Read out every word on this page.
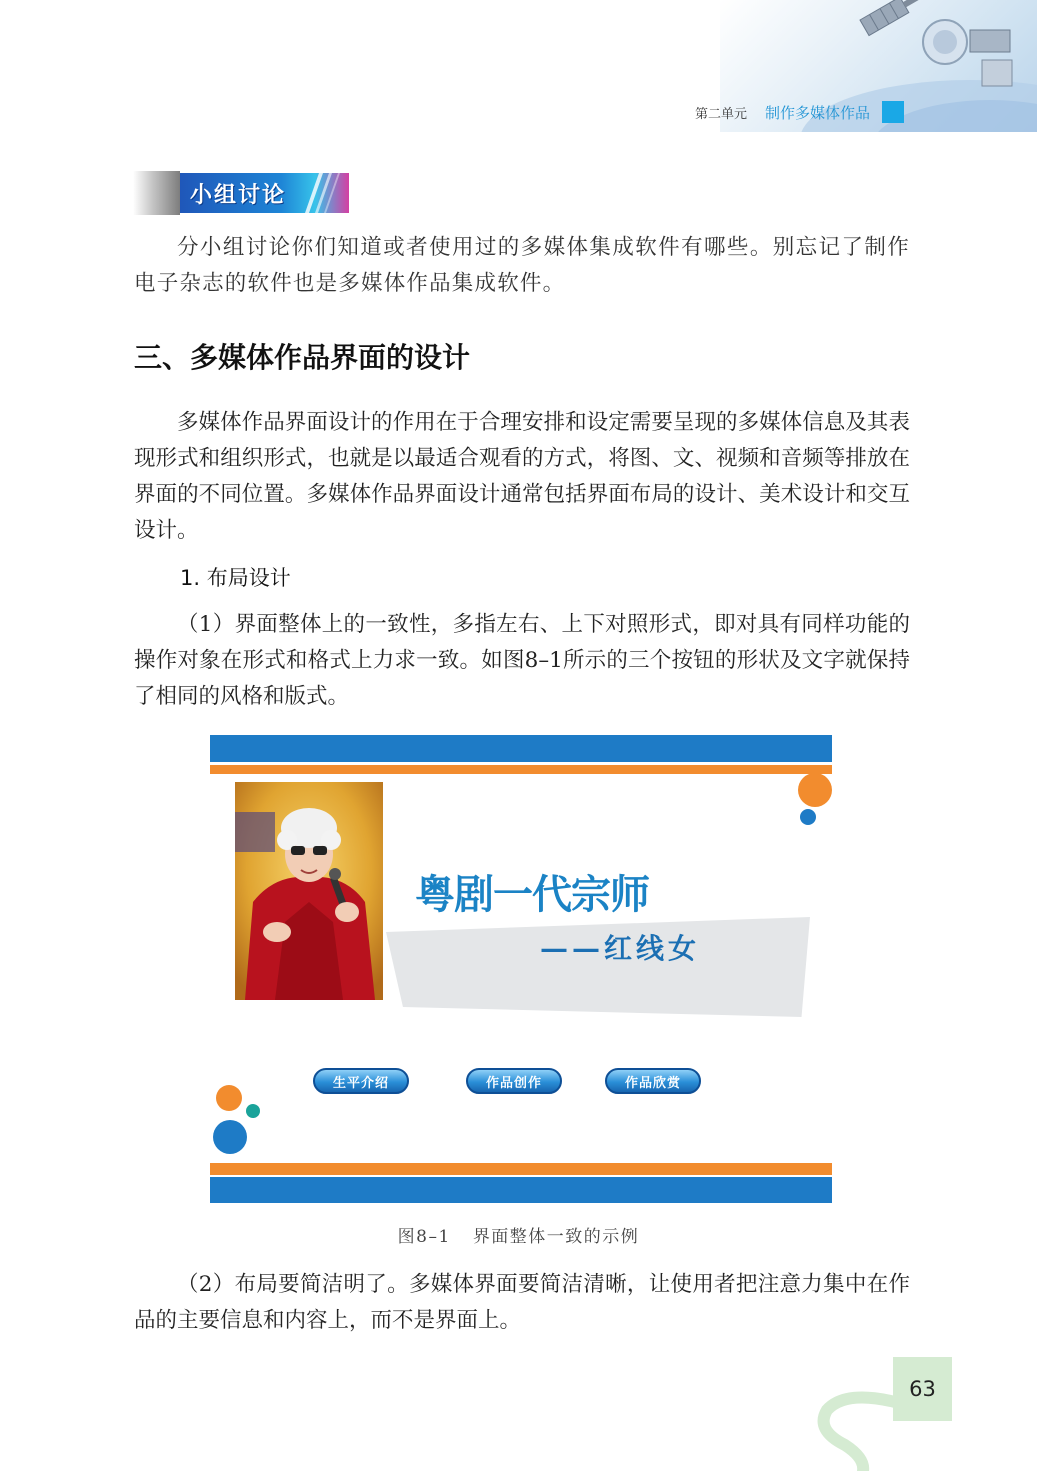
第二单元 制作多媒体作品
小组讨论

分小组讨论你们知道或者使用过的多媒体集成软件有哪些。别忘记了制作电子杂志的软件也是多媒体作品集成软件。

三、多媒体作品界面的设计

多媒体作品界面设计的作用在于合理安排和设定需要呈现的多媒体信息及其表现形式和组织形式，也就是以最适合观看的方式，将图、文、视频和音频等排放在界面的不同位置。多媒体作品界面设计通常包括界面布局的设计、美术设计和交互设计。

1. 布局设计

（1）界面整体上的一致性，多指左右、上下对照形式，即对具有同样功能的操作对象在形式和格式上力求一致。如图8–1所示的三个按钮的形状及文字就保持了相同的风格和版式。

粤剧一代宗师
——红线女
生平介绍	作品创作	作品欣赏
图8–1 界面整体一致的示例

（2）布局要简洁明了。多媒体界面要简洁清晰，让使用者把注意力集中在作品的主要信息和内容上，而不是界面上。

63
